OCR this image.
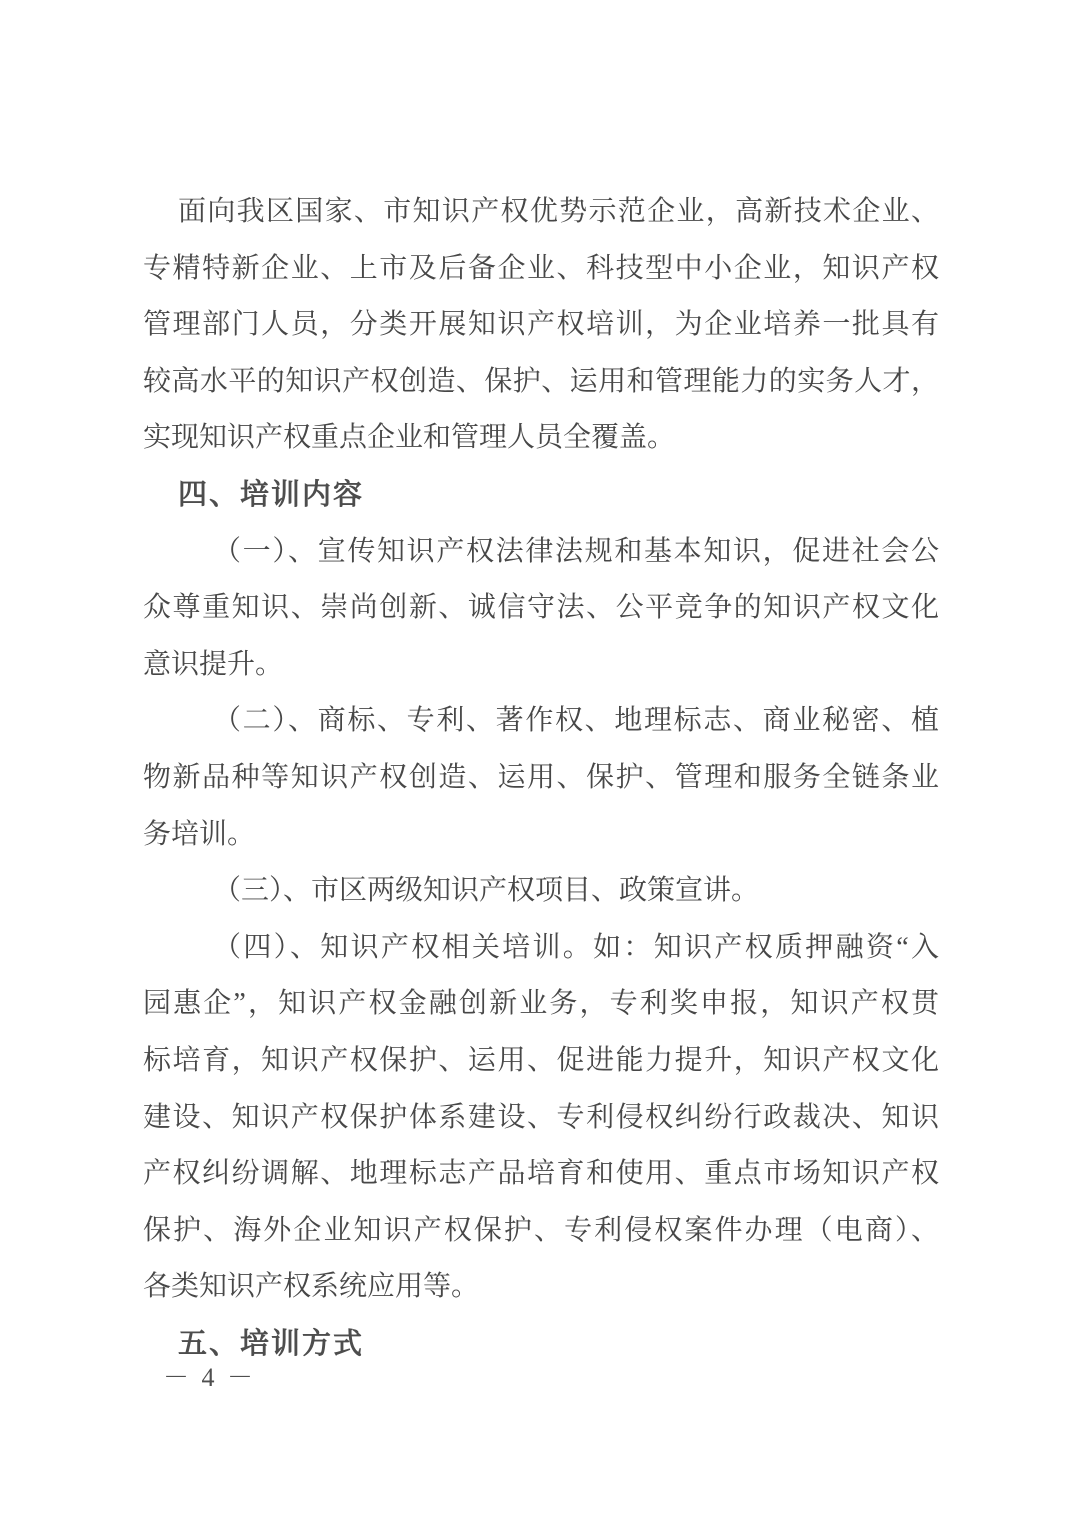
面向我区国家、市知识产权优势示范企业，高新技术企业、
专精特新企业、上市及后备企业、科技型中小企业，知识产权
管理部门人员，分类开展知识产权培训，为企业培养一批具有
较高水平的知识产权创造、保护、运用和管理能力的实务人才，
实现知识产权重点企业和管理人员全覆盖。
四、培训内容
（一）、宣传知识产权法律法规和基本知识，促进社会公
众尊重知识、崇尚创新、诚信守法、公平竞争的知识产权文化
意识提升。
（二）、商标、专利、著作权、地理标志、商业秘密、植
物新品种等知识产权创造、运用、保护、管理和服务全链条业
务培训。
（三）、市区两级知识产权项目、政策宣讲。
（四）、知识产权相关培训。如：知识产权质押融资“入
园惠企”，知识产权金融创新业务，专利奖申报，知识产权贯
标培育，知识产权保护、运用、促进能力提升，知识产权文化
建设、知识产权保护体系建设、专利侵权纠纷行政裁决、知识
产权纠纷调解、地理标志产品培育和使用、重点市场知识产权
保护、海外企业知识产权保护、专利侵权案件办理（电商）、
各类知识产权系统应用等。
五、培训方式
－ 4 －
